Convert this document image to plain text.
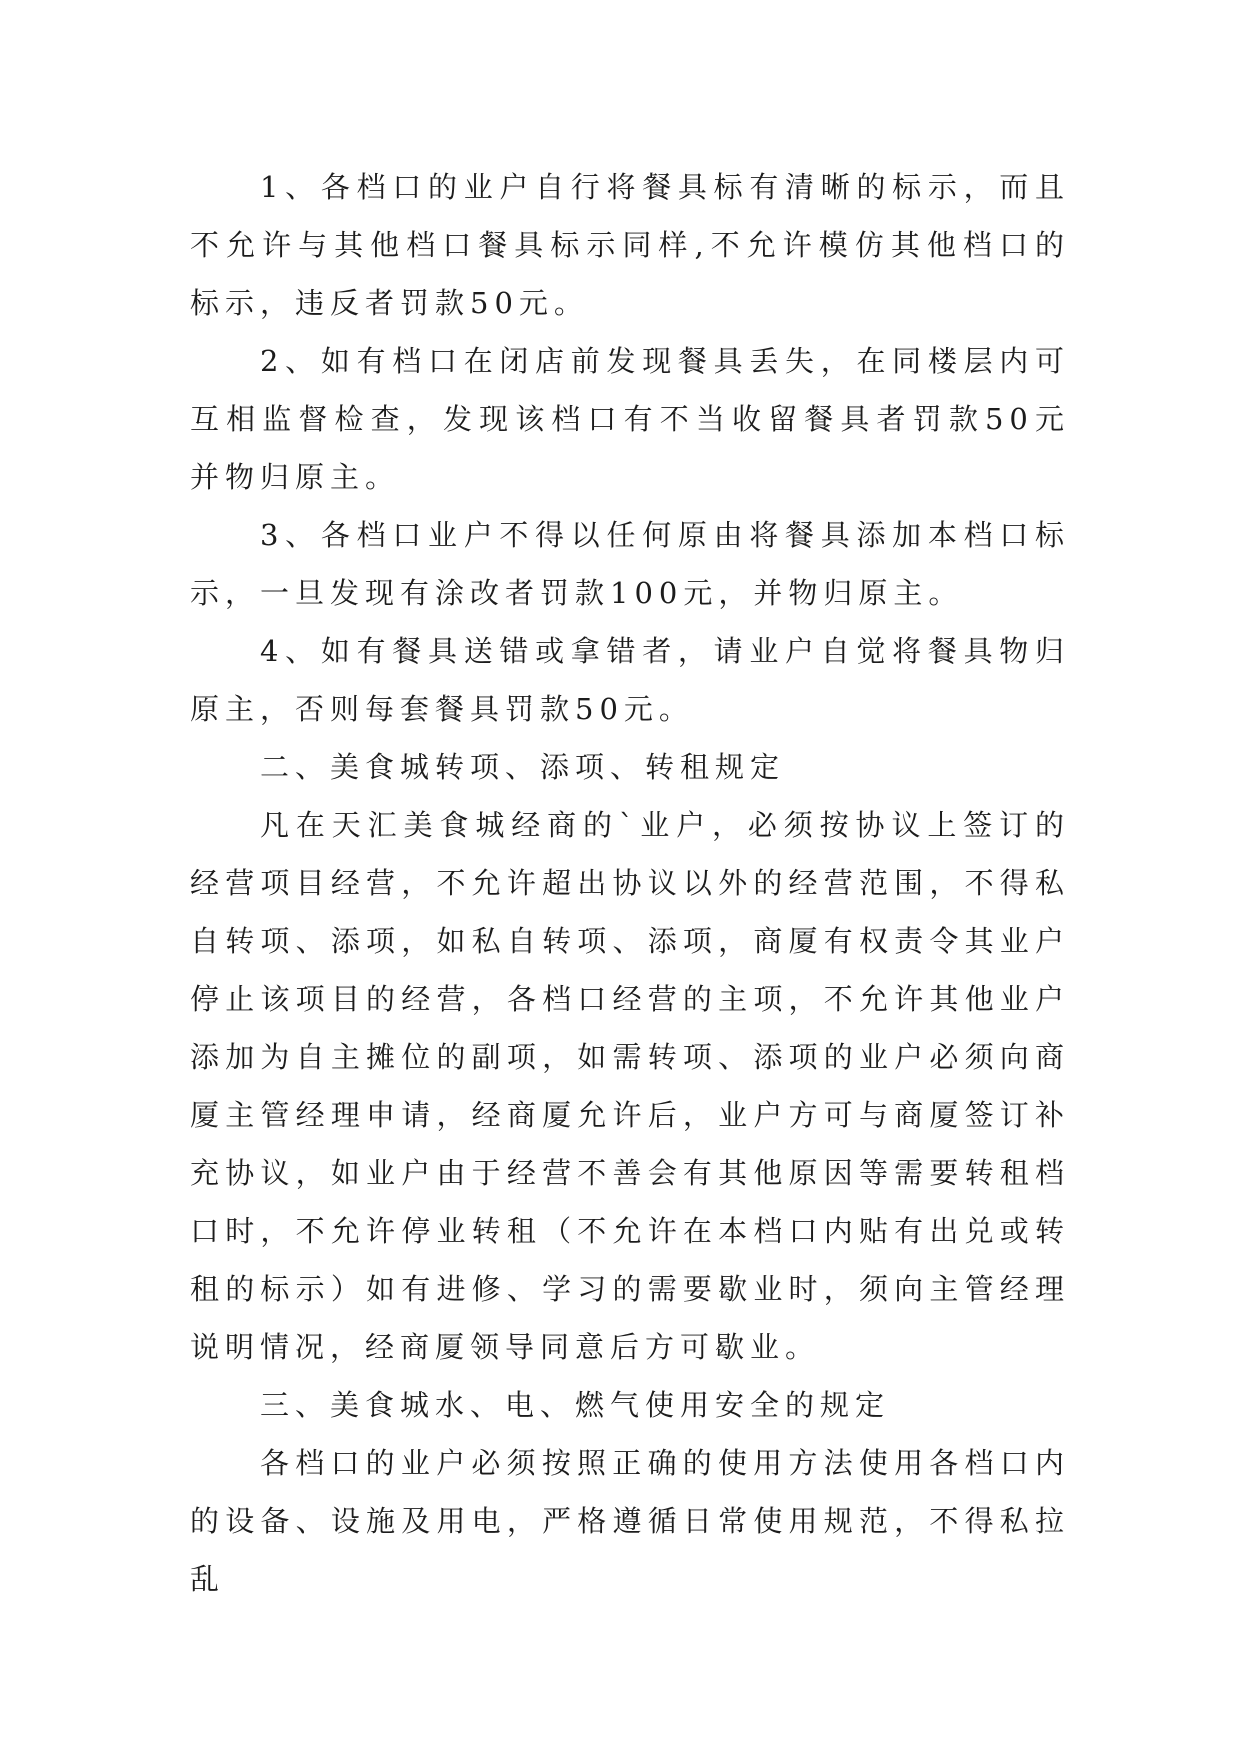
1、各档口的业户自行将餐具标有清晰的标示，而且不允许与其他档口餐具标示同样,不允许模仿其他档口的标示，违反者罚款50元。

2、如有档口在闭店前发现餐具丢失，在同楼层内可互相监督检查，发现该档口有不当收留餐具者罚款50元并物归原主。

3、各档口业户不得以任何原由将餐具添加本档口标示，一旦发现有涂改者罚款100元，并物归原主。

4、如有餐具送错或拿错者，请业户自觉将餐具物归原主，否则每套餐具罚款50元。

二、美食城转项、添项、转租规定

凡在天汇美食城经商的`业户，必须按协议上签订的经营项目经营，不允许超出协议以外的经营范围，不得私自转项、添项，如私自转项、添项，商厦有权责令其业户停止该项目的经营，各档口经营的主项，不允许其他业户添加为自主摊位的副项，如需转项、添项的业户必须向商厦主管经理申请，经商厦允许后，业户方可与商厦签订补充协议，如业户由于经营不善会有其他原因等需要转租档口时，不允许停业转租（不允许在本档口内贴有出兑或转租的标示）如有进修、学习的需要歇业时，须向主管经理说明情况，经商厦领导同意后方可歇业。

三、美食城水、电、燃气使用安全的规定

各档口的业户必须按照正确的使用方法使用各档口内的设备、设施及用电，严格遵循日常使用规范，不得私拉乱
